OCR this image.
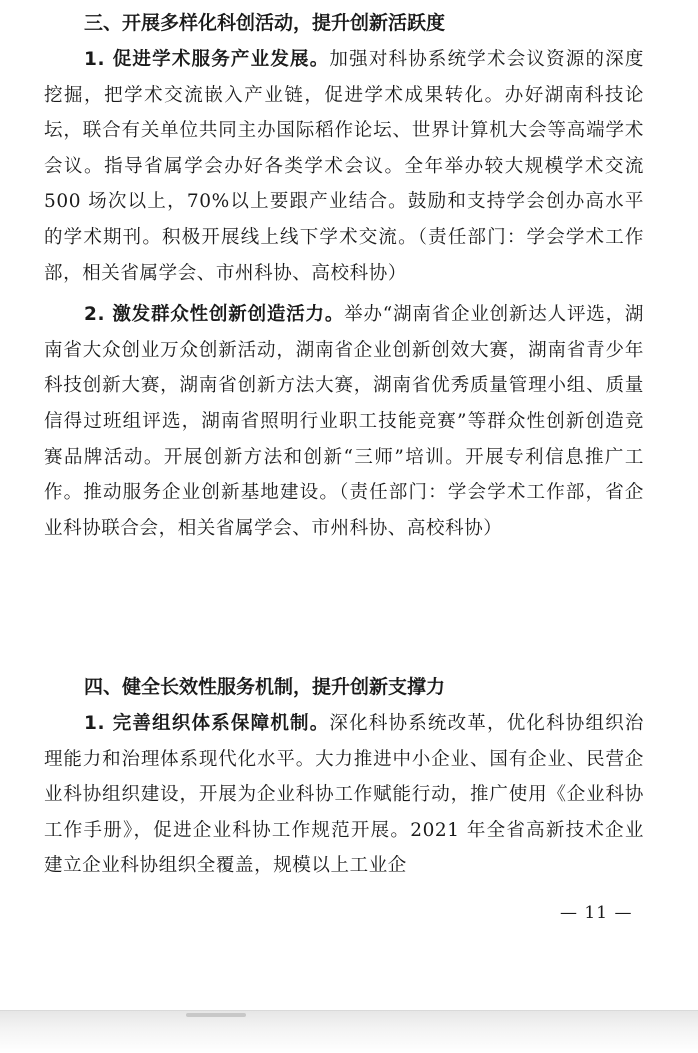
三、开展多样化科创活动，提升创新活跃度

1. 促进学术服务产业发展。加强对科协系统学术会议资源的深度挖掘，把学术交流嵌入产业链，促进学术成果转化。办好湖南科技论坛，联合有关单位共同主办国际稻作论坛、世界计算机大会等高端学术会议。指导省属学会办好各类学术会议。全年举办较大规模学术交流 500 场次以上，70%以上要跟产业结合。鼓励和支持学会创办高水平的学术期刊。积极开展线上线下学术交流。（责任部门：学会学术工作部，相关省属学会、市州科协、高校科协）

2. 激发群众性创新创造活力。举办“湖南省企业创新达人评选，湖南省大众创业万众创新活动，湖南省企业创新创效大赛，湖南省青少年科技创新大赛，湖南省创新方法大赛，湖南省优秀质量管理小组、质量信得过班组评选，湖南省照明行业职工技能竞赛”等群众性创新创造竞赛品牌活动。开展创新方法和创新“三师”培训。开展专利信息推广工作。推动服务企业创新基地建设。（责任部门：学会学术工作部，省企业科协联合会，相关省属学会、市州科协、高校科协）

四、健全长效性服务机制，提升创新支撑力

1. 完善组织体系保障机制。深化科协系统改革，优化科协组织治理能力和治理体系现代化水平。大力推进中小企业、国有企业、民营企业科协组织建设，开展为企业科协工作赋能行动，推广使用《企业科协工作手册》，促进企业科协工作规范开展。2021 年全省高新技术企业建立企业科协组织全覆盖，规模以上工业企

— 11 —
